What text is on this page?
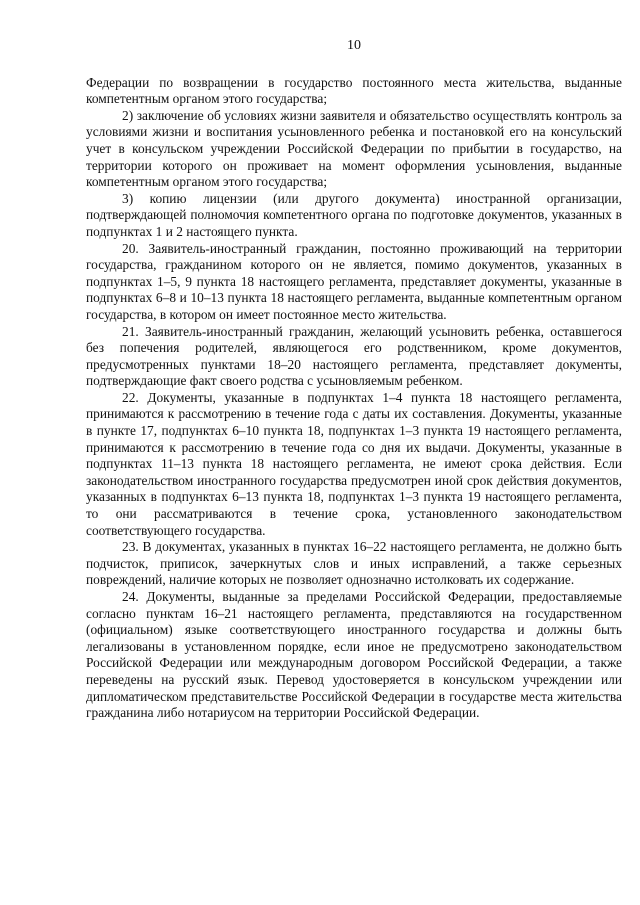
10

Федерации по возвращении в государство постоянного места жительства, выданные компетентным органом этого государства;

2) заключение об условиях жизни заявителя и обязательство осуществлять контроль за условиями жизни и воспитания усыновленного ребенка и постановкой его на консульский учет в консульском учреждении Российской Федерации по прибытии в государство, на территории которого он проживает на момент оформления усыновления, выданные компетентным органом этого государства;

3) копию лицензии (или другого документа) иностранной организации, подтверждающей полномочия компетентного органа по подготовке документов, указанных в подпунктах 1 и 2 настоящего пункта.

20. Заявитель-иностранный гражданин, постоянно проживающий на территории государства, гражданином которого он не является, помимо документов, указанных в подпунктах 1–5, 9 пункта 18 настоящего регламента, представляет документы, указанные в подпунктах 6–8 и 10–13 пункта 18 настоящего регламента, выданные компетентным органом государства, в котором он имеет постоянное место жительства.

21. Заявитель-иностранный гражданин, желающий усыновить ребенка, оставшегося без попечения родителей, являющегося его родственником, кроме документов, предусмотренных пунктами 18–20 настоящего регламента, представляет документы, подтверждающие факт своего родства с усыновляемым ребенком.

22. Документы, указанные в подпунктах 1–4 пункта 18 настоящего регламента, принимаются к рассмотрению в течение года с даты их составления. Документы, указанные в пункте 17, подпунктах 6–10 пункта 18, подпунктах 1–3 пункта 19 настоящего регламента, принимаются к рассмотрению в течение года со дня их выдачи. Документы, указанные в подпунктах 11–13 пункта 18 настоящего регламента, не имеют срока действия. Если законодательством иностранного государства предусмотрен иной срок действия документов, указанных в подпунктах 6–13 пункта 18, подпунктах 1–3 пункта 19 настоящего регламента, то они рассматриваются в течение срока, установленного законодательством соответствующего государства.

23. В документах, указанных в пунктах 16–22 настоящего регламента, не должно быть подчисток, приписок, зачеркнутых слов и иных исправлений, а также серьезных повреждений, наличие которых не позволяет однозначно истолковать их содержание.

24. Документы, выданные за пределами Российской Федерации, предоставляемые согласно пунктам 16–21 настоящего регламента, представляются на государственном (официальном) языке соответствующего иностранного государства и должны быть легализованы в установленном порядке, если иное не предусмотрено законодательством Российской Федерации или международным договором Российской Федерации, а также переведены на русский язык. Перевод удостоверяется в консульском учреждении или дипломатическом представительстве Российской Федерации в государстве места жительства гражданина либо нотариусом на территории Российской Федерации.
